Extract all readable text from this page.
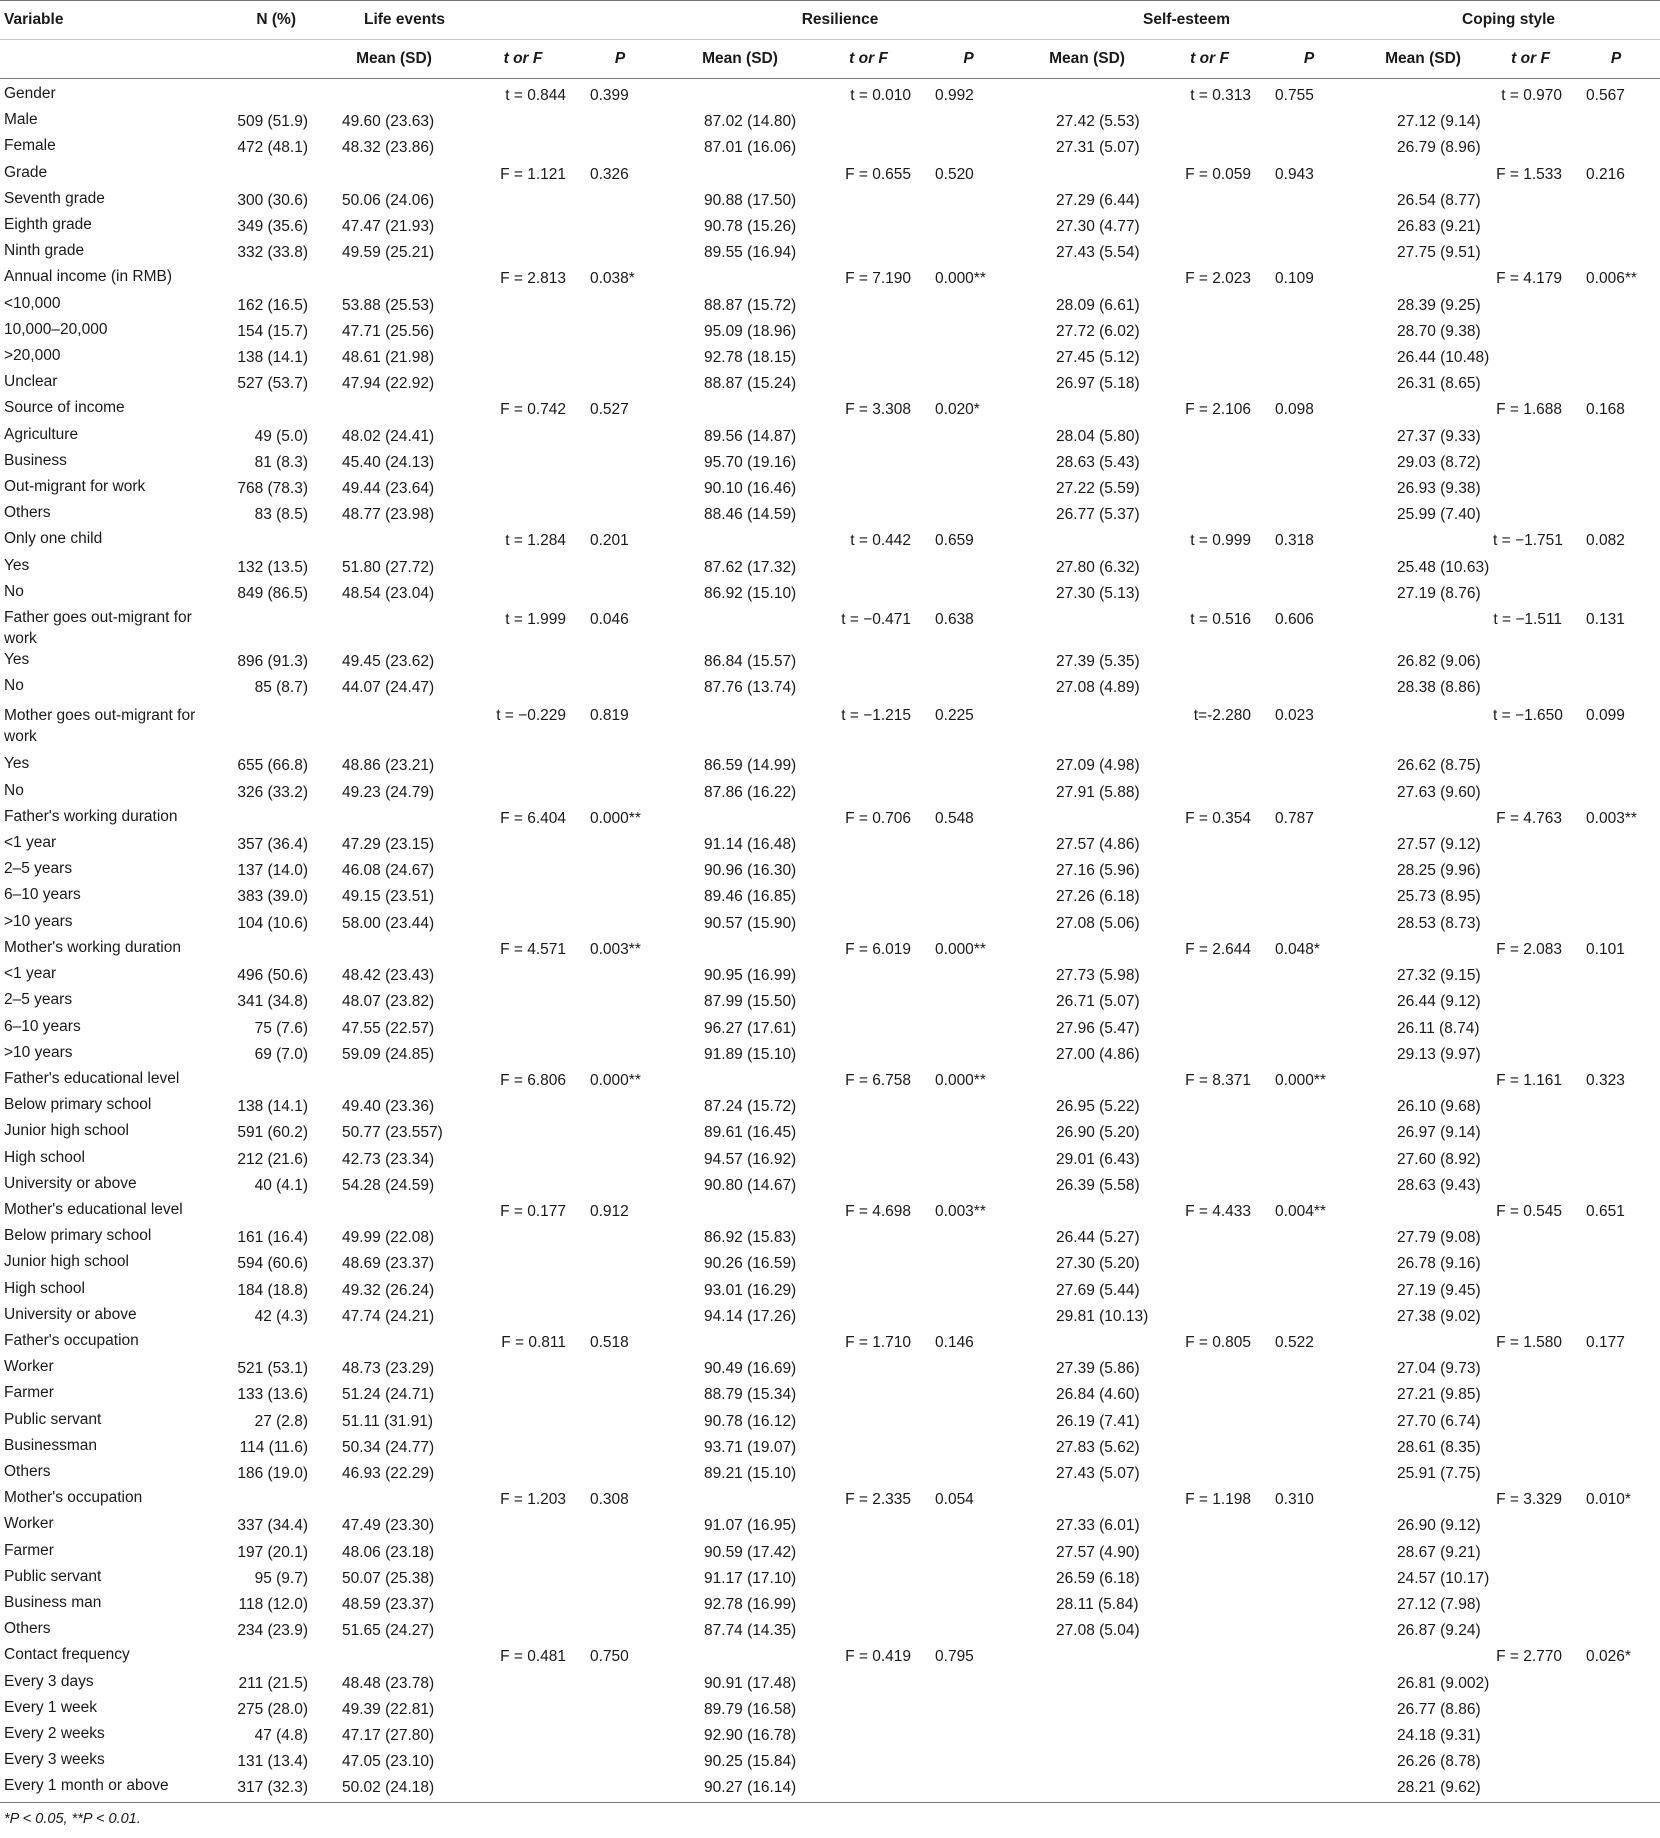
Variable	N (%)	Life events			Resilience			Self-esteem			Coping style		
		Mean (SD)	t or F	P	Mean (SD)	t or F	P	Mean (SD)	t or F	P	Mean (SD)	t or F	P
Gender			t = 0.844	0.399		t = 0.010	0.992		t = 0.313	0.755		t = 0.970	0.567
Male	509 (51.9)	49.60 (23.63)			87.02 (14.80)			27.42 (5.53)			27.12 (9.14)		
Female	472 (48.1)	48.32 (23.86)			87.01 (16.06)			27.31 (5.07)			26.79 (8.96)		
Grade			F = 1.121	0.326		F = 0.655	0.520		F = 0.059	0.943		F = 1.533	0.216
Seventh grade	300 (30.6)	50.06 (24.06)			90.88 (17.50)			27.29 (6.44)			26.54 (8.77)		
Eighth grade	349 (35.6)	47.47 (21.93)			90.78 (15.26)			27.30 (4.77)			26.83 (9.21)		
Ninth grade	332 (33.8)	49.59 (25.21)			89.55 (16.94)			27.43 (5.54)			27.75 (9.51)		
Annual income (in RMB)			F = 2.813	0.038*		F = 7.190	0.000**		F = 2.023	0.109		F = 4.179	0.006**
<10,000	162 (16.5)	53.88 (25.53)			88.87 (15.72)			28.09 (6.61)			28.39 (9.25)		
10,000–20,000	154 (15.7)	47.71 (25.56)			95.09 (18.96)			27.72 (6.02)			28.70 (9.38)		
>20,000	138 (14.1)	48.61 (21.98)			92.78 (18.15)			27.45 (5.12)			26.44 (10.48)		
Unclear	527 (53.7)	47.94 (22.92)			88.87 (15.24)			26.97 (5.18)			26.31 (8.65)		
Source of income			F = 0.742	0.527		F = 3.308	0.020*		F = 2.106	0.098		F = 1.688	0.168
Agriculture	49 (5.0)	48.02 (24.41)			89.56 (14.87)			28.04 (5.80)			27.37 (9.33)		
Business	81 (8.3)	45.40 (24.13)			95.70 (19.16)			28.63 (5.43)			29.03 (8.72)		
Out-migrant for work	768 (78.3)	49.44 (23.64)			90.10 (16.46)			27.22 (5.59)			26.93 (9.38)		
Others	83 (8.5)	48.77 (23.98)			88.46 (14.59)			26.77 (5.37)			25.99 (7.40)		
Only one child			t = 1.284	0.201		t = 0.442	0.659		t = 0.999	0.318		t = −1.751	0.082
Yes	132 (13.5)	51.80 (27.72)			87.62 (17.32)			27.80 (6.32)			25.48 (10.63)		
No	849 (86.5)	48.54 (23.04)			86.92 (15.10)			27.30 (5.13)			27.19 (8.76)		
Father goes out-migrant for work			t = 1.999	0.046		t = −0.471	0.638		t = 0.516	0.606		t = −1.511	0.131
Yes	896 (91.3)	49.45 (23.62)			86.84 (15.57)			27.39 (5.35)			26.82 (9.06)		
No	85 (8.7)	44.07 (24.47)			87.76 (13.74)			27.08 (4.89)			28.38 (8.86)		
Mother goes out-migrant for work			t = −0.229	0.819		t = −1.215	0.225		t=-2.280	0.023		t = −1.650	0.099
Yes	655 (66.8)	48.86 (23.21)			86.59 (14.99)			27.09 (4.98)			26.62 (8.75)		
No	326 (33.2)	49.23 (24.79)			87.86 (16.22)			27.91 (5.88)			27.63 (9.60)		
Father's working duration			F = 6.404	0.000**		F = 0.706	0.548		F = 0.354	0.787		F = 4.763	0.003**
<1 year	357 (36.4)	47.29 (23.15)			91.14 (16.48)			27.57 (4.86)			27.57 (9.12)		
2–5 years	137 (14.0)	46.08 (24.67)			90.96 (16.30)			27.16 (5.96)			28.25 (9.96)		
6–10 years	383 (39.0)	49.15 (23.51)			89.46 (16.85)			27.26 (6.18)			25.73 (8.95)		
>10 years	104 (10.6)	58.00 (23.44)			90.57 (15.90)			27.08 (5.06)			28.53 (8.73)		
Mother's working duration			F = 4.571	0.003**		F = 6.019	0.000**		F = 2.644	0.048*		F = 2.083	0.101
<1 year	496 (50.6)	48.42 (23.43)			90.95 (16.99)			27.73 (5.98)			27.32 (9.15)		
2–5 years	341 (34.8)	48.07 (23.82)			87.99 (15.50)			26.71 (5.07)			26.44 (9.12)		
6–10 years	75 (7.6)	47.55 (22.57)			96.27 (17.61)			27.96 (5.47)			26.11 (8.74)		
>10 years	69 (7.0)	59.09 (24.85)			91.89 (15.10)			27.00 (4.86)			29.13 (9.97)		
Father's educational level			F = 6.806	0.000**		F = 6.758	0.000**		F = 8.371	0.000**		F = 1.161	0.323
Below primary school	138 (14.1)	49.40 (23.36)			87.24 (15.72)			26.95 (5.22)			26.10 (9.68)		
Junior high school	591 (60.2)	50.77 (23.557)			89.61 (16.45)			26.90 (5.20)			26.97 (9.14)		
High school	212 (21.6)	42.73 (23.34)			94.57 (16.92)			29.01 (6.43)			27.60 (8.92)		
University or above	40 (4.1)	54.28 (24.59)			90.80 (14.67)			26.39 (5.58)			28.63 (9.43)		
Mother's educational level			F = 0.177	0.912		F = 4.698	0.003**		F = 4.433	0.004**		F = 0.545	0.651
Below primary school	161 (16.4)	49.99 (22.08)			86.92 (15.83)			26.44 (5.27)			27.79 (9.08)		
Junior high school	594 (60.6)	48.69 (23.37)			90.26 (16.59)			27.30 (5.20)			26.78 (9.16)		
High school	184 (18.8)	49.32 (26.24)			93.01 (16.29)			27.69 (5.44)			27.19 (9.45)		
University or above	42 (4.3)	47.74 (24.21)			94.14 (17.26)			29.81 (10.13)			27.38 (9.02)		
Father's occupation			F = 0.811	0.518		F = 1.710	0.146		F = 0.805	0.522		F = 1.580	0.177
Worker	521 (53.1)	48.73 (23.29)			90.49 (16.69)			27.39 (5.86)			27.04 (9.73)		
Farmer	133 (13.6)	51.24 (24.71)			88.79 (15.34)			26.84 (4.60)			27.21 (9.85)		
Public servant	27 (2.8)	51.11 (31.91)			90.78 (16.12)			26.19 (7.41)			27.70 (6.74)		
Businessman	114 (11.6)	50.34 (24.77)			93.71 (19.07)			27.83 (5.62)			28.61 (8.35)		
Others	186 (19.0)	46.93 (22.29)			89.21 (15.10)			27.43 (5.07)			25.91 (7.75)		
Mother's occupation			F = 1.203	0.308		F = 2.335	0.054		F = 1.198	0.310		F = 3.329	0.010*
Worker	337 (34.4)	47.49 (23.30)			91.07 (16.95)			27.33 (6.01)			26.90 (9.12)		
Farmer	197 (20.1)	48.06 (23.18)			90.59 (17.42)			27.57 (4.90)			28.67 (9.21)		
Public servant	95 (9.7)	50.07 (25.38)			91.17 (17.10)			26.59 (6.18)			24.57 (10.17)		
Business man	118 (12.0)	48.59 (23.37)			92.78 (16.99)			28.11 (5.84)			27.12 (7.98)		
Others	234 (23.9)	51.65 (24.27)			87.74 (14.35)			27.08 (5.04)			26.87 (9.24)		
Contact frequency			F = 0.481	0.750		F = 0.419	0.795					F = 2.770	0.026*
Every 3 days	211 (21.5)	48.48 (23.78)			90.91 (17.48)						26.81 (9.002)		
Every 1 week	275 (28.0)	49.39 (22.81)			89.79 (16.58)						26.77 (8.86)		
Every 2 weeks	47 (4.8)	47.17 (27.80)			92.90 (16.78)						24.18 (9.31)		
Every 3 weeks	131 (13.4)	47.05 (23.10)			90.25 (15.84)						26.26 (8.78)		
Every 1 month or above	317 (32.3)	50.02 (24.18)			90.27 (16.14)						28.21 (9.62)		
*P < 0.05, **P < 0.01.
